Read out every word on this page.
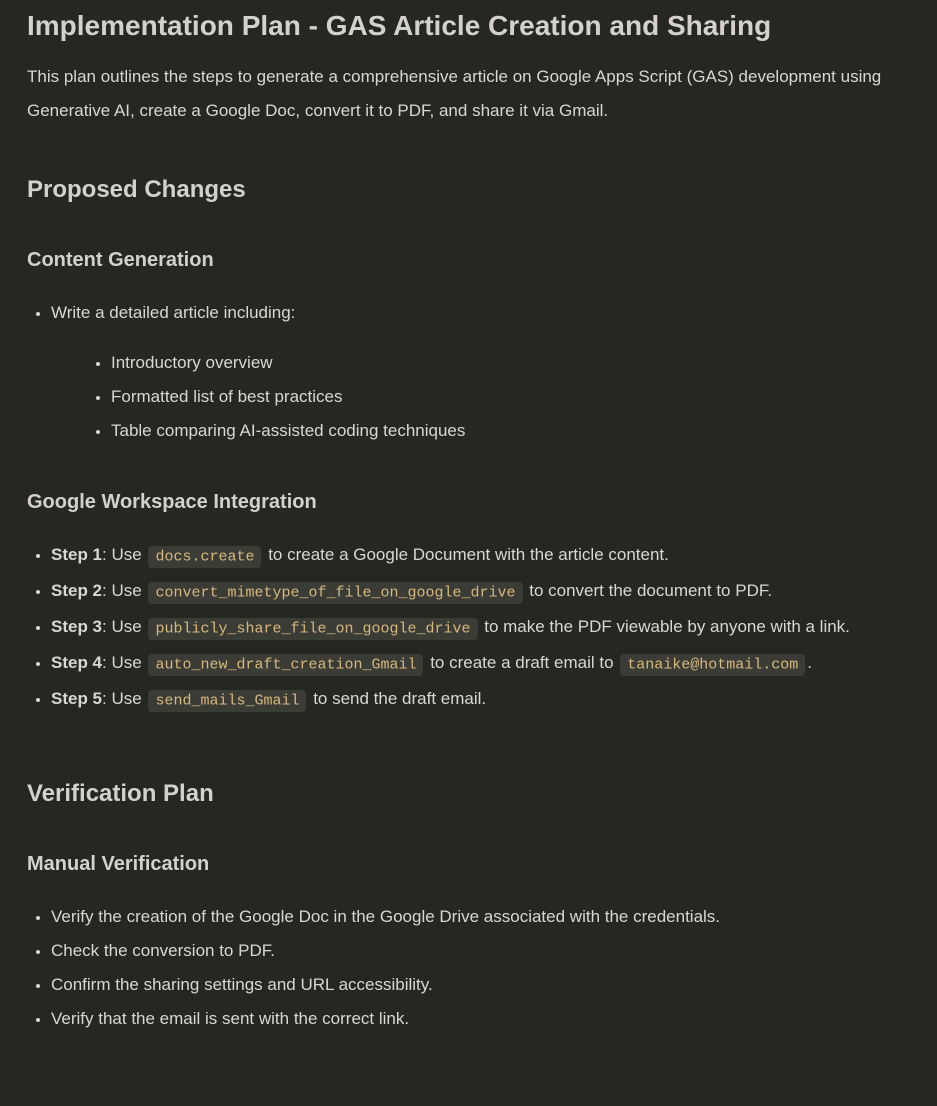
Implementation Plan - GAS Article Creation and Sharing

This plan outlines the steps to generate a comprehensive article on Google Apps Script (GAS) development using Generative AI, create a Google Doc, convert it to PDF, and share it via Gmail.

Proposed Changes
Content Generation
• Write a detailed article including:
• Introductory overview
• Formatted list of best practices
• Table comparing AI-assisted coding techniques
Google Workspace Integration
• Step 1: Use docs.create to create a Google Document with the article content.
• Step 2: Use convert_mimetype_of_file_on_google_drive to convert the document to PDF.
• Step 3: Use publicly_share_file_on_google_drive to make the PDF viewable by anyone with a link.
• Step 4: Use auto_new_draft_creation_Gmail to create a draft email to tanaike@hotmail.com .
• Step 5: Use send_mails_Gmail to send the draft email.
Verification Plan
Manual Verification
• Verify the creation of the Google Doc in the Google Drive associated with the credentials.
• Check the conversion to PDF.
• Confirm the sharing settings and URL accessibility.
• Verify that the email is sent with the correct link.
